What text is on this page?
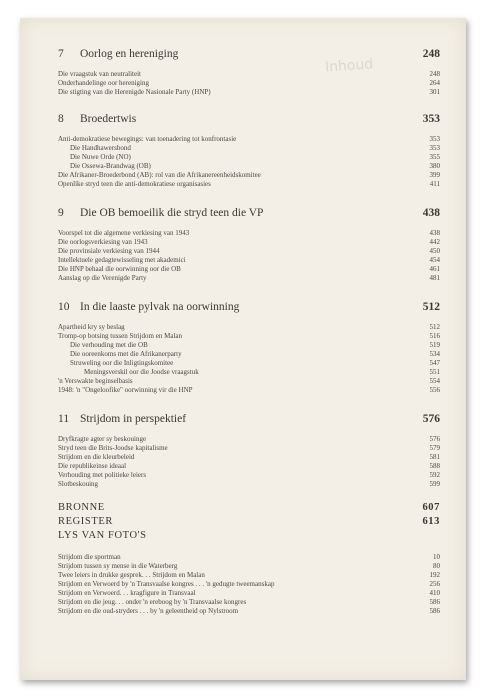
Inhoud
7	Oorlog en hereniging	248
Die vraagstuk van neutraliteit	248
Onderhandelinge oor hereniging	264
Die stigting van die Herenigde Nasionale Party (HNP)	301
8	Broedertwis	353
Anti-demokratiese bewegings: van toenadering tot konfrontasie	353
Die Handhawersbond	353
Die Nuwe Orde (NO)	355
Die Ossewa-Brandwag (OB)	380
Die Afrikaner-Broederbond (AB): rol van die Afrikanereenheidskomitee	399
Openlike stryd teen die anti-demokratiese organisasies	411
9	Die OB bemoeilik die stryd teen die VP	438
Voorspel tot die algemene verkiesing van 1943	438
Die oorlogsverkiesing van 1943	442
Die provinsiale verkiesing van 1944	450
Intellektuele gedagtewisseling met akademici	454
Die HNP behaal die oorwinning oor die OB	461
Aanslag op die Verenigde Party	481
10 In die laaste pylvak na oorwinning	512
Apartheid kry sy beslag	512
Tromp-op botsing tussen Strijdom en Malan	516
Die verhouding met die OB	519
Die ooreenkoms met die Afrikanerparty	534
Struweling oor die Inligtingskomitee	547
Meningsverskil oor die Joodse vraagstuk	551
'n Verswakte beginselbasis	554
1948: 'n "Ongeloofike" oorwinning vir die HNP	556
11 Strijdom in perspektief	576
Dryfkragte agter sy beskouinge	576
Stryd teen die Brits-Joodse kapitalisme	579
Strijdom en die kleurbeleid	581
Die republikeinse ideaal	588
Verhouding met politieke leiers	592
Slotbeskouing	599
BRONNE	607
REGISTER	613
LYS VAN FOTO'S
Strijdom die sportman	10
Strijdom tussen sy mense in die Waterberg	80
Twee leiers in drukke gesprek. . . Strijdom en Malan	192
Strijdom en Verwoerd by 'n Transvaalse kongres . . . 'n gedugte tweemanskap	256
Strijdom en Verwoerd. . . kragfigure in Transvaal	410
Strijdom en die jeug. . . onder 'n ereboog by 'n Transvaalse kongres	586
Strijdom en die oud-stryders . . . by 'n geleentheid op Nylstroom	586
